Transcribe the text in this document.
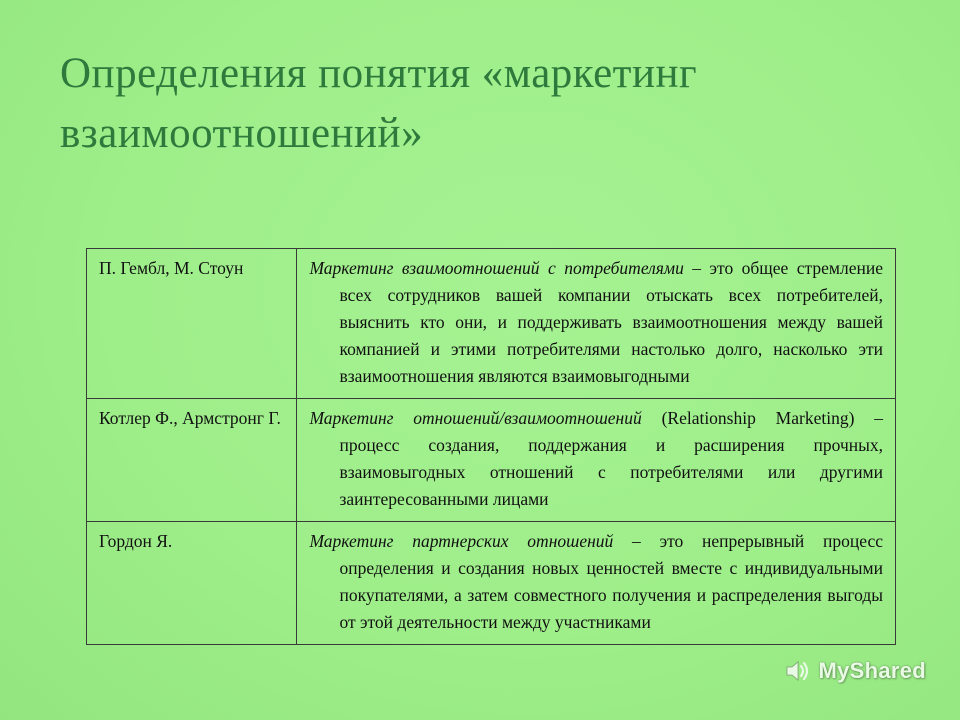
Определения понятия «маркетинг взаимоотношений»
П. Гембл, М. Стоун	Маркетинг взаимоотношений с потребителями – это общее стремление всех сотрудников вашей компании отыскать всех потребителей, выяснить кто они, и поддерживать взаимоотношения между вашей компанией и этими потребителями настолько долго, насколько эти взаимоотношения являются взаимовыгодными

Котлер Ф., Армстронг Г.	Маркетинг отношений/взаимоотношений (Relationship Marketing) – процесс создания, поддержания и расширения прочных, взаимовыгодных отношений с потребителями или другими заинтересованными лицами

Гордон Я.	Маркетинг партнерских отношений – это непрерывный процесс определения и создания новых ценностей вместе с индивидуальными покупателями, а затем совместного получения и распределения выгоды от этой деятельности между участниками
MyShared
